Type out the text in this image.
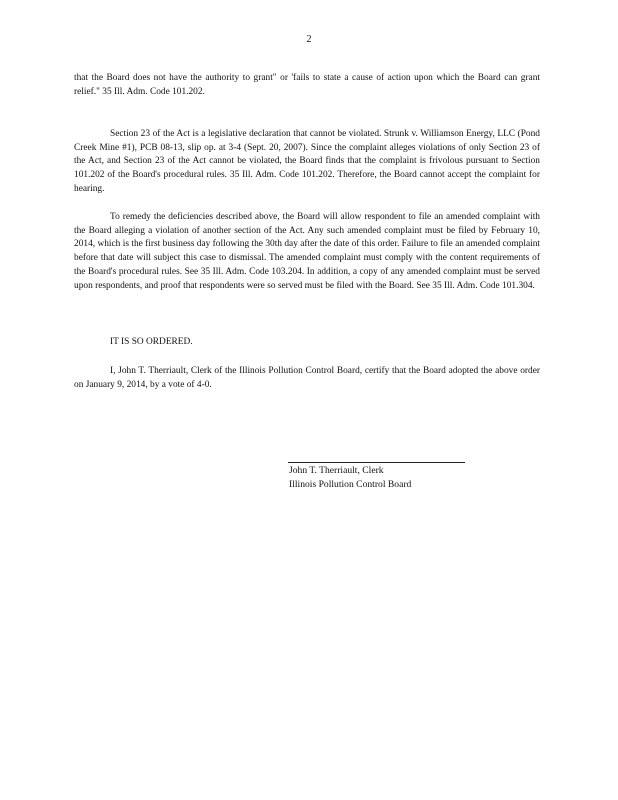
2

that the Board does not have the authority to grant" or 'fails to state a cause of action upon which the Board can grant relief." 35 Ill. Adm. Code 101.202.

Section 23 of the Act is a legislative declaration that cannot be violated. Strunk v. Williamson Energy, LLC (Pond Creek Mine #1), PCB 08-13, slip op. at 3-4 (Sept. 20, 2007). Since the complaint alleges violations of only Section 23 of the Act, and Section 23 of the Act cannot be violated, the Board finds that the complaint is frivolous pursuant to Section 101.202 of the Board's procedural rules. 35 Ill. Adm. Code 101.202. Therefore, the Board cannot accept the complaint for hearing.

To remedy the deficiencies described above, the Board will allow respondent to file an amended complaint with the Board alleging a violation of another section of the Act. Any such amended complaint must be filed by February 10, 2014, which is the first business day following the 30th day after the date of this order. Failure to file an amended complaint before that date will subject this case to dismissal. The amended complaint must comply with the content requirements of the Board's procedural rules. See 35 Ill. Adm. Code 103.204. In addition, a copy of any amended complaint must be served upon respondents, and proof that respondents were so served must be filed with the Board. See 35 Ill. Adm. Code 101.304.

IT IS SO ORDERED.

I, John T. Therriault, Clerk of the Illinois Pollution Control Board, certify that the Board adopted the above order on January 9, 2014, by a vote of 4-0.

John T. Therriault, Clerk
Illinois Pollution Control Board
